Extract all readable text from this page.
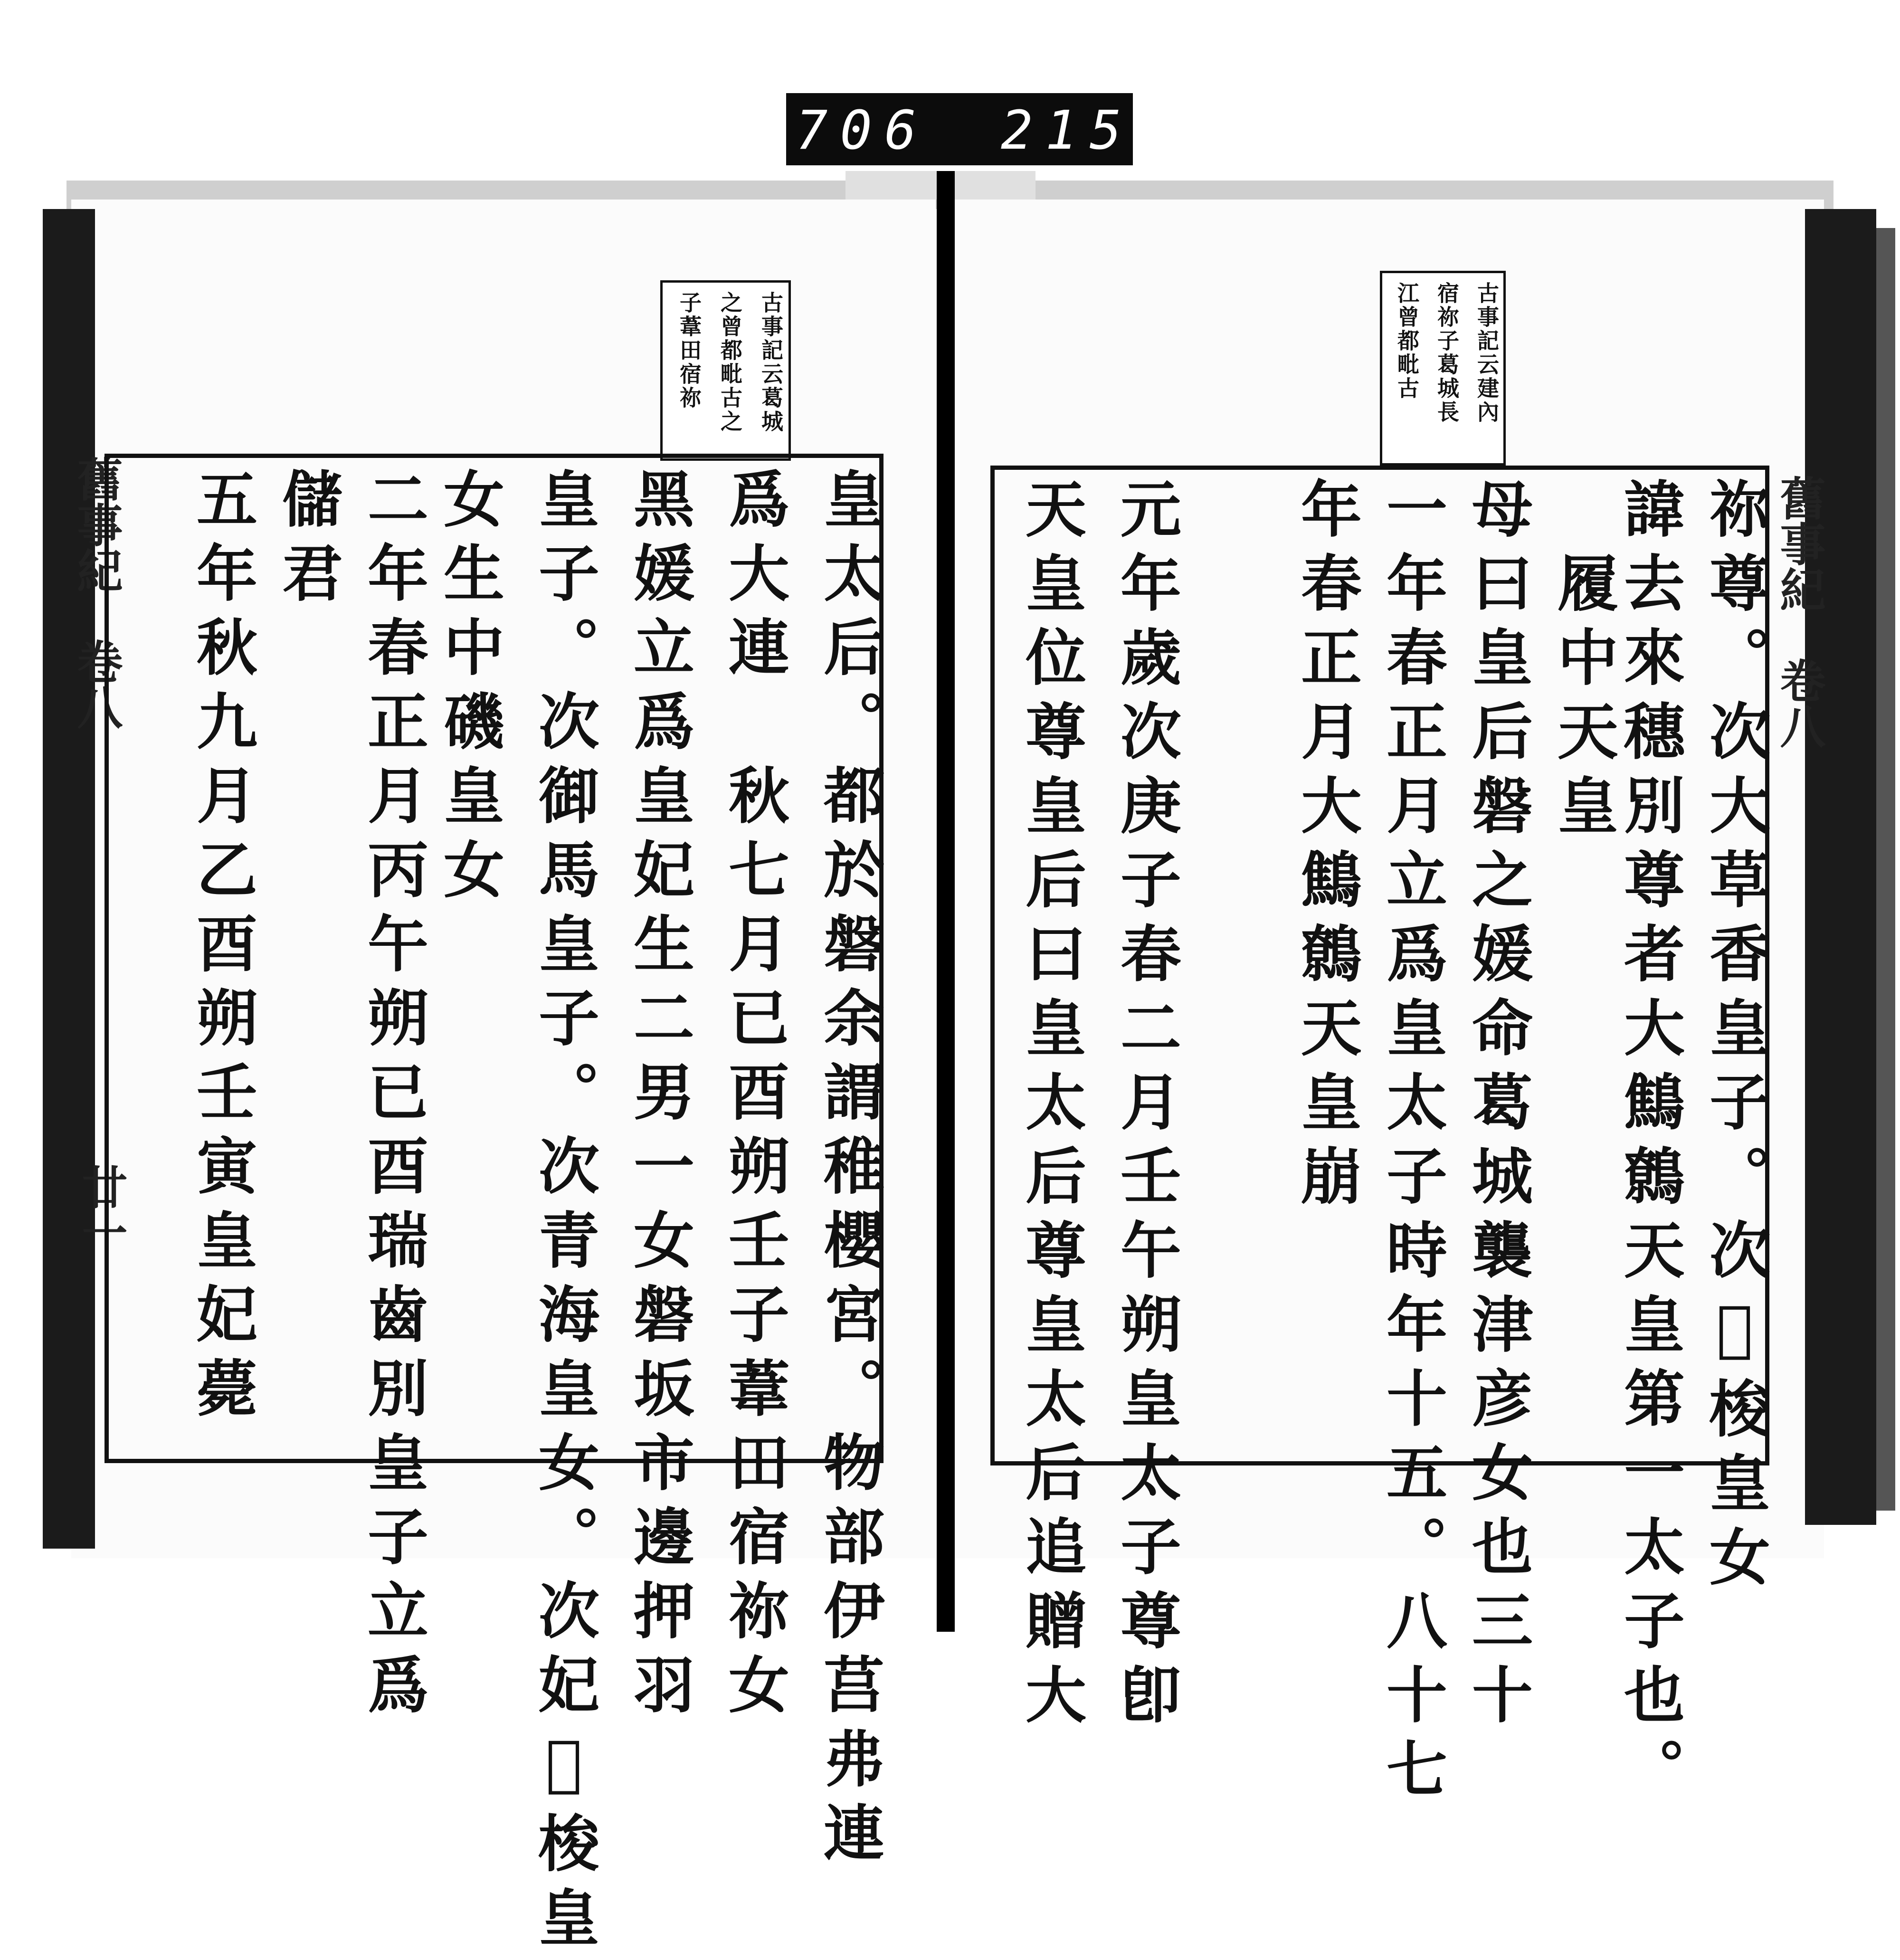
706 215
舊事紀　卷八
廿一
舊事紀　卷八
古事記云葛城
之曾都毗古之
子葦田宿祢	古事記云建內
宿祢子葛城長
江曾都毗古
祢尊。次大草香皇子。次𢢮梭皇女
諱去來穗別尊者大鷦鷯天皇第一太子也。
　履中天皇
母曰皇后磐之媛命葛城襲津彦女也三十
一年春正月立爲皇太子時年十五。八十七
年春正月大鷦鷯天皇崩
元年歲次庚子春二月壬午朔皇太子尊卽
天皇位尊皇后曰皇太后尊皇太后追贈大
皇太后。都於磐余謂稚櫻宮。物部伊莒弗連
爲大連　秋七月已酉朔壬子葦田宿祢女
黑媛立爲皇妃生二男一女磐坂市邊押羽
皇子。次御馬皇子。次青海皇女。次妃𢢮梭皇
女生中磯皇女
二年春正月丙午朔已酉瑞齒別皇子立爲
儲君
五年秋九月乙酉朔壬寅皇妃薨
